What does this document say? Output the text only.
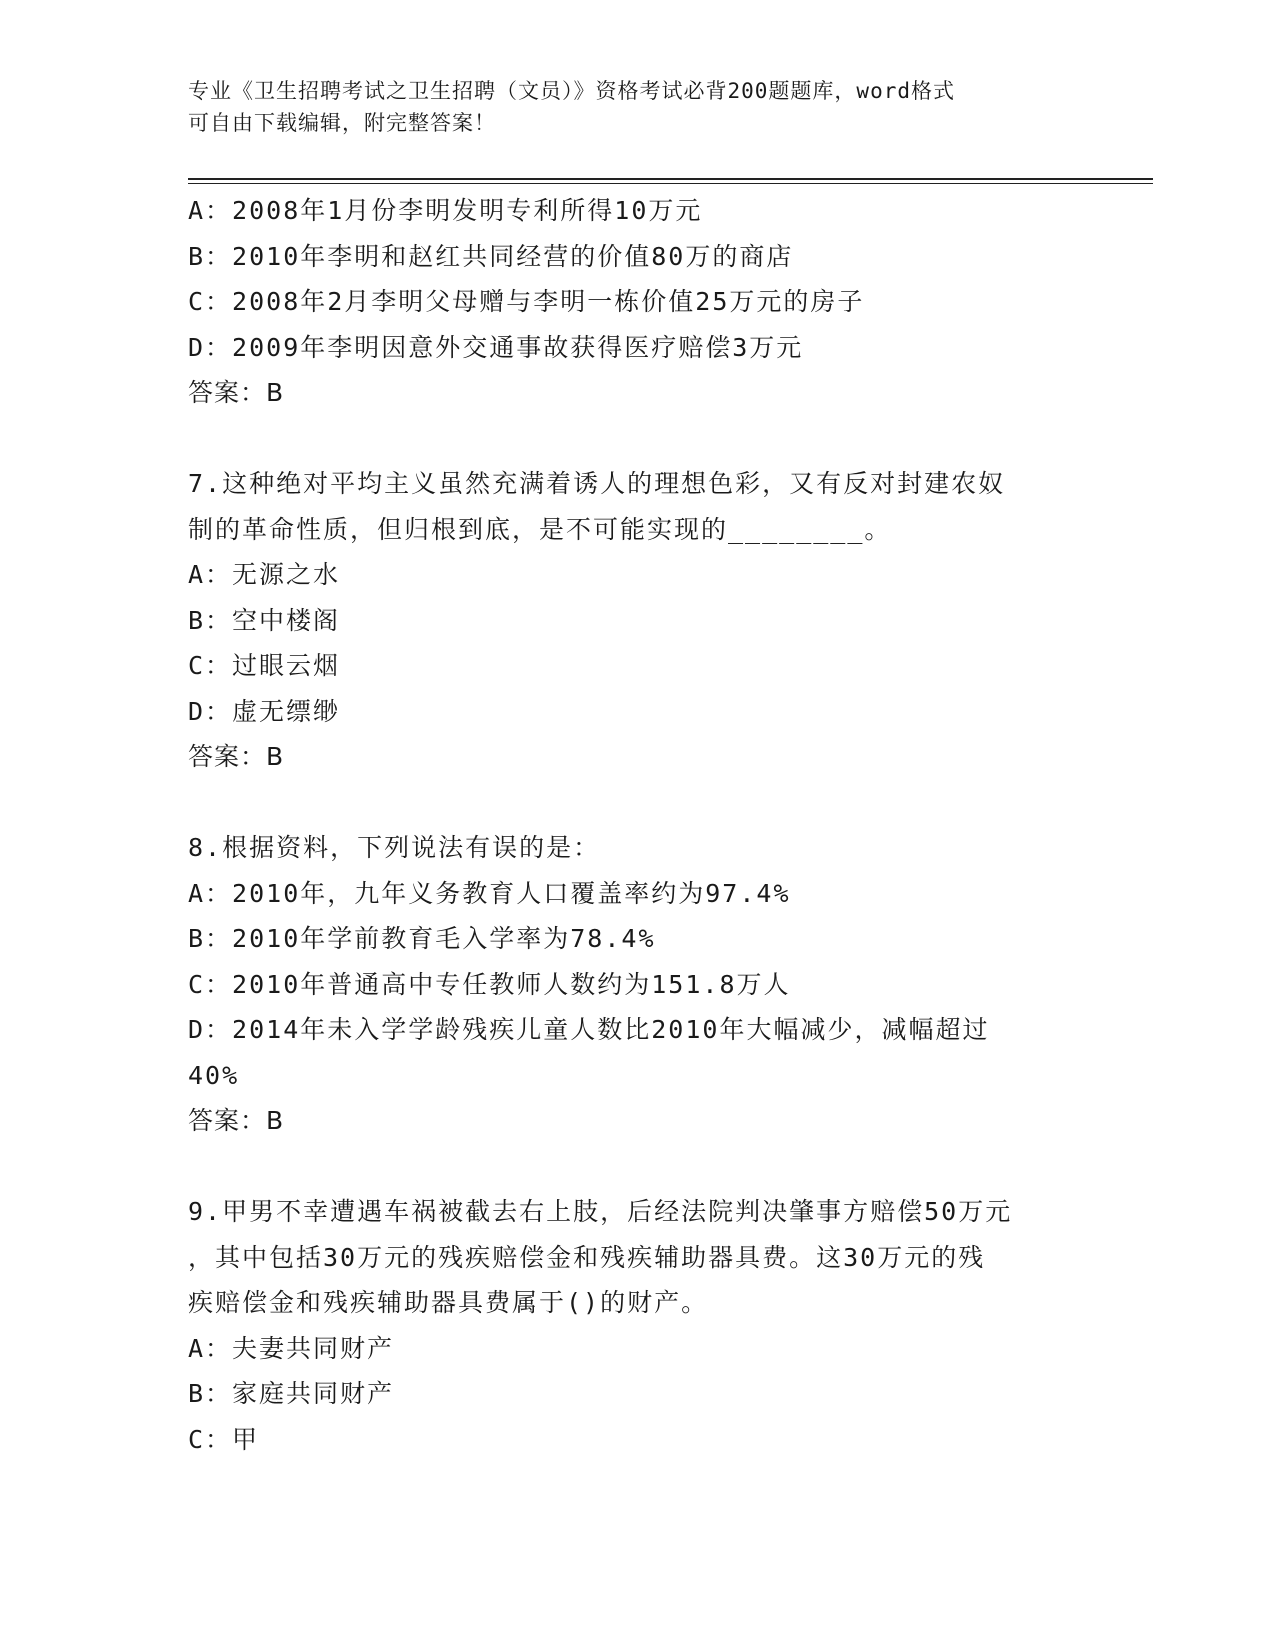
专业《卫生招聘考试之卫生招聘（文员）》资格考试必背200题题库，word格式
可自由下载编辑，附完整答案！
A：2008年1月份李明发明专利所得10万元
B：2010年李明和赵红共同经营的价值80万的商店
C：2008年2月李明父母赠与李明一栋价值25万元的房子
D：2009年李明因意外交通事故获得医疗赔偿3万元
答案：B
7.这种绝对平均主义虽然充满着诱人的理想色彩，又有反对封建农奴
制的革命性质，但归根到底，是不可能实现的________。
A：无源之水
B：空中楼阁
C：过眼云烟
D：虚无缥缈
答案：B
8.根据资料，下列说法有误的是：
A：2010年，九年义务教育人口覆盖率约为97.4%
B：2010年学前教育毛入学率为78.4%
C：2010年普通高中专任教师人数约为151.8万人
D：2014年未入学学龄残疾儿童人数比2010年大幅减少，减幅超过
40%
答案：B
9.甲男不幸遭遇车祸被截去右上肢，后经法院判决肇事方赔偿50万元
，其中包括30万元的残疾赔偿金和残疾辅助器具费。这30万元的残
疾赔偿金和残疾辅助器具费属于()的财产。
A：夫妻共同财产
B：家庭共同财产
C：甲
